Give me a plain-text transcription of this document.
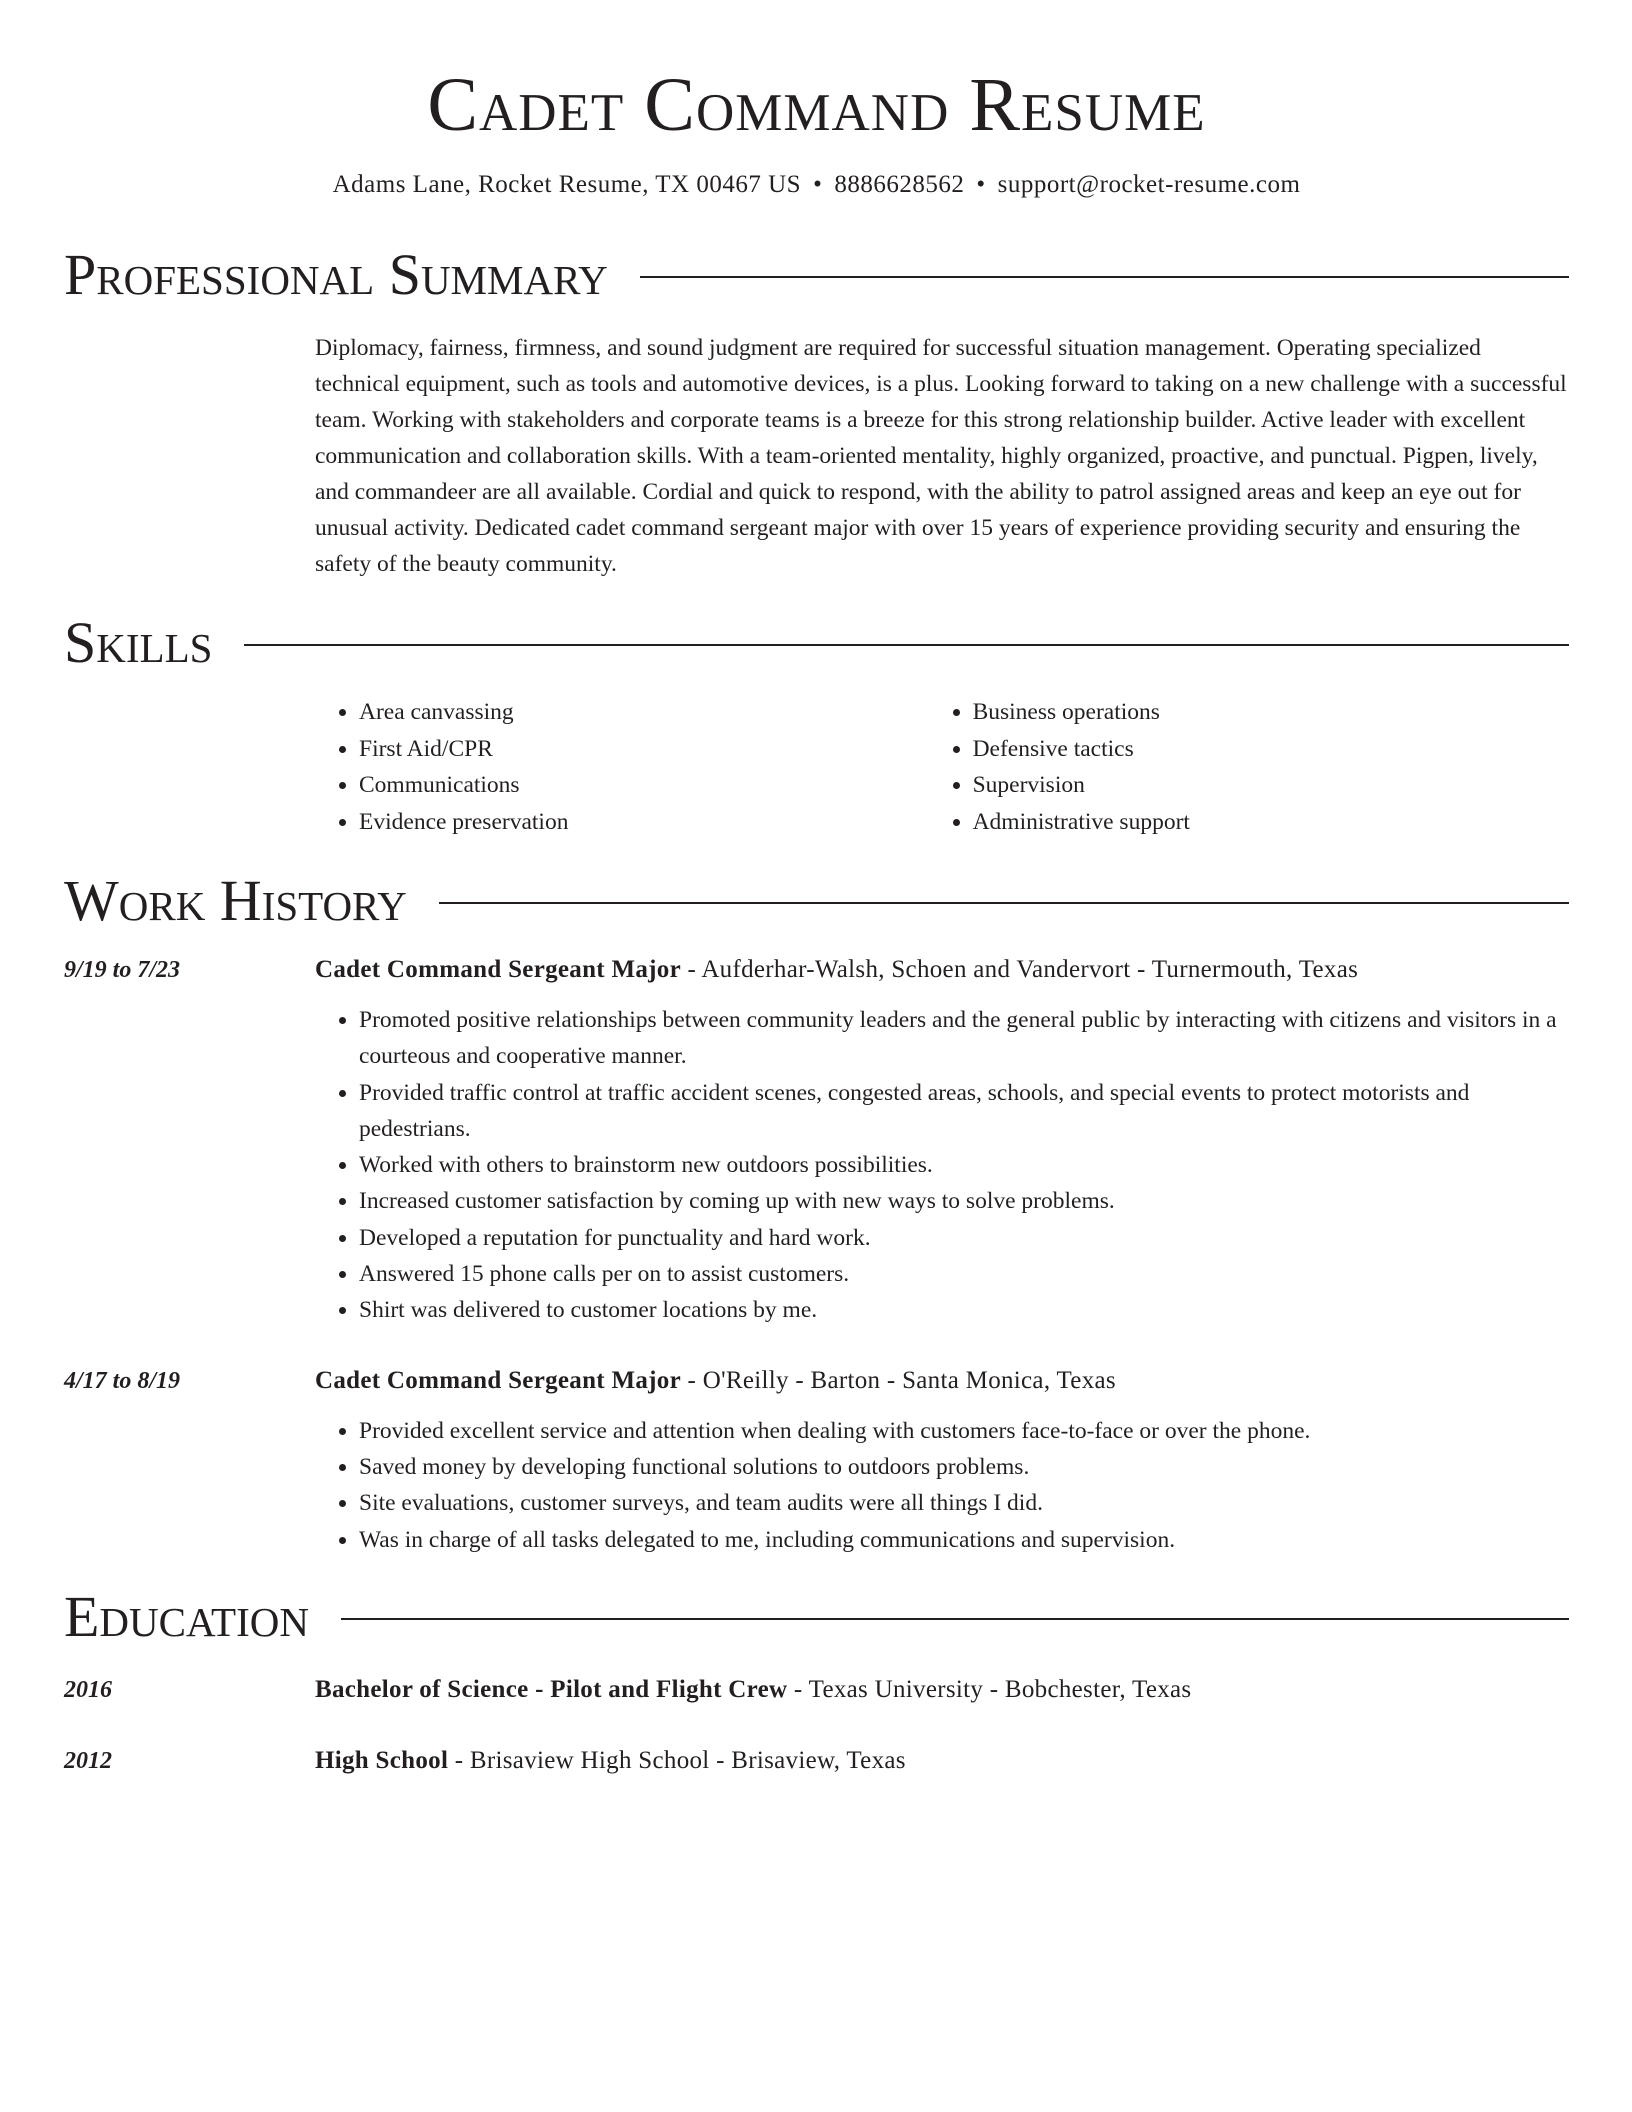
Cadet Command Resume
Adams Lane, Rocket Resume, TX 00467 US • 8886628562 • support@rocket-resume.com
Professional Summary
Diplomacy, fairness, firmness, and sound judgment are required for successful situation management. Operating specialized technical equipment, such as tools and automotive devices, is a plus. Looking forward to taking on a new challenge with a successful team. Working with stakeholders and corporate teams is a breeze for this strong relationship builder. Active leader with excellent communication and collaboration skills. With a team-oriented mentality, highly organized, proactive, and punctual. Pigpen, lively, and commandeer are all available. Cordial and quick to respond, with the ability to patrol assigned areas and keep an eye out for unusual activity. Dedicated cadet command sergeant major with over 15 years of experience providing security and ensuring the safety of the beauty community.
Skills
• Area canvassing
• First Aid/CPR
• Communications
• Evidence preservation
• Business operations
• Defensive tactics
• Supervision
• Administrative support
Work History
9/19 to 7/23	Cadet Command Sergeant Major - Aufderhar-Walsh, Schoen and Vandervort - Turnermouth, Texas
• Promoted positive relationships between community leaders and the general public by interacting with citizens and visitors in a courteous and cooperative manner.
• Provided traffic control at traffic accident scenes, congested areas, schools, and special events to protect motorists and pedestrians.
• Worked with others to brainstorm new outdoors possibilities.
• Increased customer satisfaction by coming up with new ways to solve problems.
• Developed a reputation for punctuality and hard work.
• Answered 15 phone calls per on to assist customers.
• Shirt was delivered to customer locations by me.
4/17 to 8/19	Cadet Command Sergeant Major - O'Reilly - Barton - Santa Monica, Texas
• Provided excellent service and attention when dealing with customers face-to-face or over the phone.
• Saved money by developing functional solutions to outdoors problems.
• Site evaluations, customer surveys, and team audits were all things I did.
• Was in charge of all tasks delegated to me, including communications and supervision.
Education
2016	Bachelor of Science - Pilot and Flight Crew - Texas University - Bobchester, Texas
2012	High School - Brisaview High School - Brisaview, Texas
